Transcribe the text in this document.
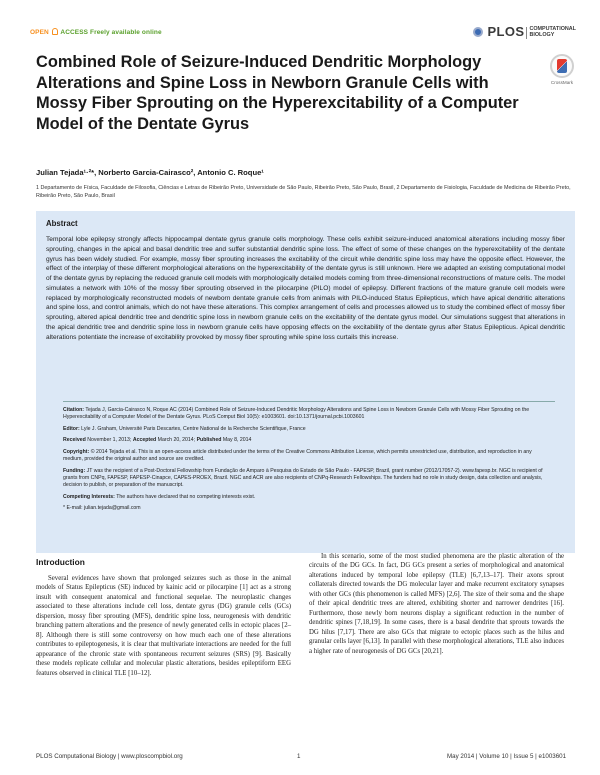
OPEN ACCESS Freely available online	PLOS COMPUTATIONAL
BIOLOGY
CrossMark
Combined Role of Seizure-Induced Dendritic Morphology Alterations and Spine Loss in Newborn Granule Cells with Mossy Fiber Sprouting on the Hyperexcitability of a Computer Model of the Dentate Gyrus
Julian Tejada¹·²*, Norberto Garcia-Cairasco², Antonio C. Roque¹
1 Departamento de Física, Faculdade de Filosofia, Ciências e Letras de Ribeirão Preto, Universidade de São Paulo, Ribeirão Preto, São Paulo, Brasil, 2 Departamento de Fisiologia, Faculdade de Medicina de Ribeirão Preto, Ribeirão Preto, São Paulo, Brasil
Abstract
Temporal lobe epilepsy strongly affects hippocampal dentate gyrus granule cells morphology. These cells exhibit seizure-induced anatomical alterations including mossy fiber sprouting, changes in the apical and basal dendritic tree and suffer substantial dendritic spine loss. The effect of some of these changes on the hyperexcitability of the dentate gyrus has been widely studied. For example, mossy fiber sprouting increases the excitability of the circuit while dendritic spine loss may have the opposite effect. However, the effect of the interplay of these different morphological alterations on the hyperexcitability of the dentate gyrus is still unknown. Here we adapted an existing computational model of the dentate gyrus by replacing the reduced granule cell models with morphologically detailed models coming from three-dimensional reconstructions of mature cells. The model simulates a network with 10% of the mossy fiber sprouting observed in the pilocarpine (PILO) model of epilepsy. Different fractions of the mature granule cell models were replaced by morphologically reconstructed models of newborn dentate granule cells from animals with PILO-induced Status Epilepticus, which have apical dendritic alterations and spine loss, and control animals, which do not have these alterations. This complex arrangement of cells and processes allowed us to study the combined effect of mossy fiber sprouting, altered apical dendritic tree and dendritic spine loss in newborn granule cells on the excitability of the dentate gyrus model. Our simulations suggest that alterations in the apical dendritic tree and dendritic spine loss in newborn granule cells have opposing effects on the excitability of the dentate gyrus after Status Epilepticus. Apical dendritic alterations potentiate the increase of excitability provoked by mossy fiber sprouting while spine loss curtails this increase.

Citation: Tejada J, Garcia-Cairasco N, Roque AC (2014) Combined Role of Seizure-Induced Dendritic Morphology Alterations and Spine Loss in Newborn Granule Cells with Mossy Fiber Sprouting on the Hyperexcitability of a Computer Model of the Dentate Gyrus. PLoS Comput Biol 10(5): e1003601. doi:10.1371/journal.pcbi.1003601

Editor: Lyle J. Graham, Université Paris Descartes, Centre National de la Recherche Scientifique, France

Received November 1, 2013; Accepted March 20, 2014; Published May 8, 2014

Copyright: © 2014 Tejada et al. This is an open-access article distributed under the terms of the Creative Commons Attribution License, which permits unrestricted use, distribution, and reproduction in any medium, provided the original author and source are credited.

Funding: JT was the recipient of a Post-Doctoral Fellowship from Fundação de Amparo à Pesquisa do Estado de São Paulo - FAPESP, Brazil, grant number (2012/17057-2). www.fapesp.br. NGC is recipient of grants from CNPq, FAPESP, FAPESP-Cinapce, CAPES-PROEX, Brazil. NGC and ACR are also recipients of CNPq-Research Fellowships. The funders had no role in study design, data collection and analysis, decision to publish, or preparation of the manuscript.

Competing Interests: The authors have declared that no competing interests exist.

* E-mail: julian.tejada@gmail.com

Introduction
Several evidences have shown that prolonged seizures such as those in the animal models of Status Epilepticus (SE) induced by kainic acid or pilocarpine [1] act as a strong insult with consequent anatomical and functional sequelae. The neuroplastic changes associated to these alterations include cell loss, dentate gyrus (DG) granule cells (GCs) dispersion, mossy fiber sprouting (MFS), dendritic spine loss, neurogenesis with dendritic branching pattern alterations and the presence of newly generated cells in ectopic places [2–8]. Although there is still some controversy on how much each one of these alterations contributes to epileptogenesis, it is clear that multivariate interactions are needed for the full appearance of the chronic state with spontaneous recurrent seizures (SRS) [9]. Basically these models replicate cellular and molecular plastic alterations, besides epileptiform EEG features observed in clinical TLE [10–12].
In this scenario, some of the most studied phenomena are the plastic alteration of the circuits of the DG GCs. In fact, DG GCs present a series of morphological and anatomical alterations induced by temporal lobe epilepsy (TLE) [6,7,13–17]. Their axons sprout collaterals directed towards the DG molecular layer and make recurrent excitatory synapses with other GCs (this phenomenon is called MFS) [2,6]. The size of their soma and the shape of their apical dendritic trees are altered, exhibiting shorter and narrower dendrites [16]. Furthermore, those newly born neurons display a significant reduction in the number of dendritic spines [7,18,19]. In some cases, there is a basal dendrite that sprouts towards the DG hilus [7,17]. There are also GCs that migrate to ectopic places such as the hilus and granular cells layer [6,13]. In parallel with these morphological alterations, TLE also induces a higher rate of neurogenesis of DG GCs [20,21].
PLOS Computational Biology | www.ploscompbiol.org	1	May 2014 | Volume 10 | Issue 5 | e1003601
